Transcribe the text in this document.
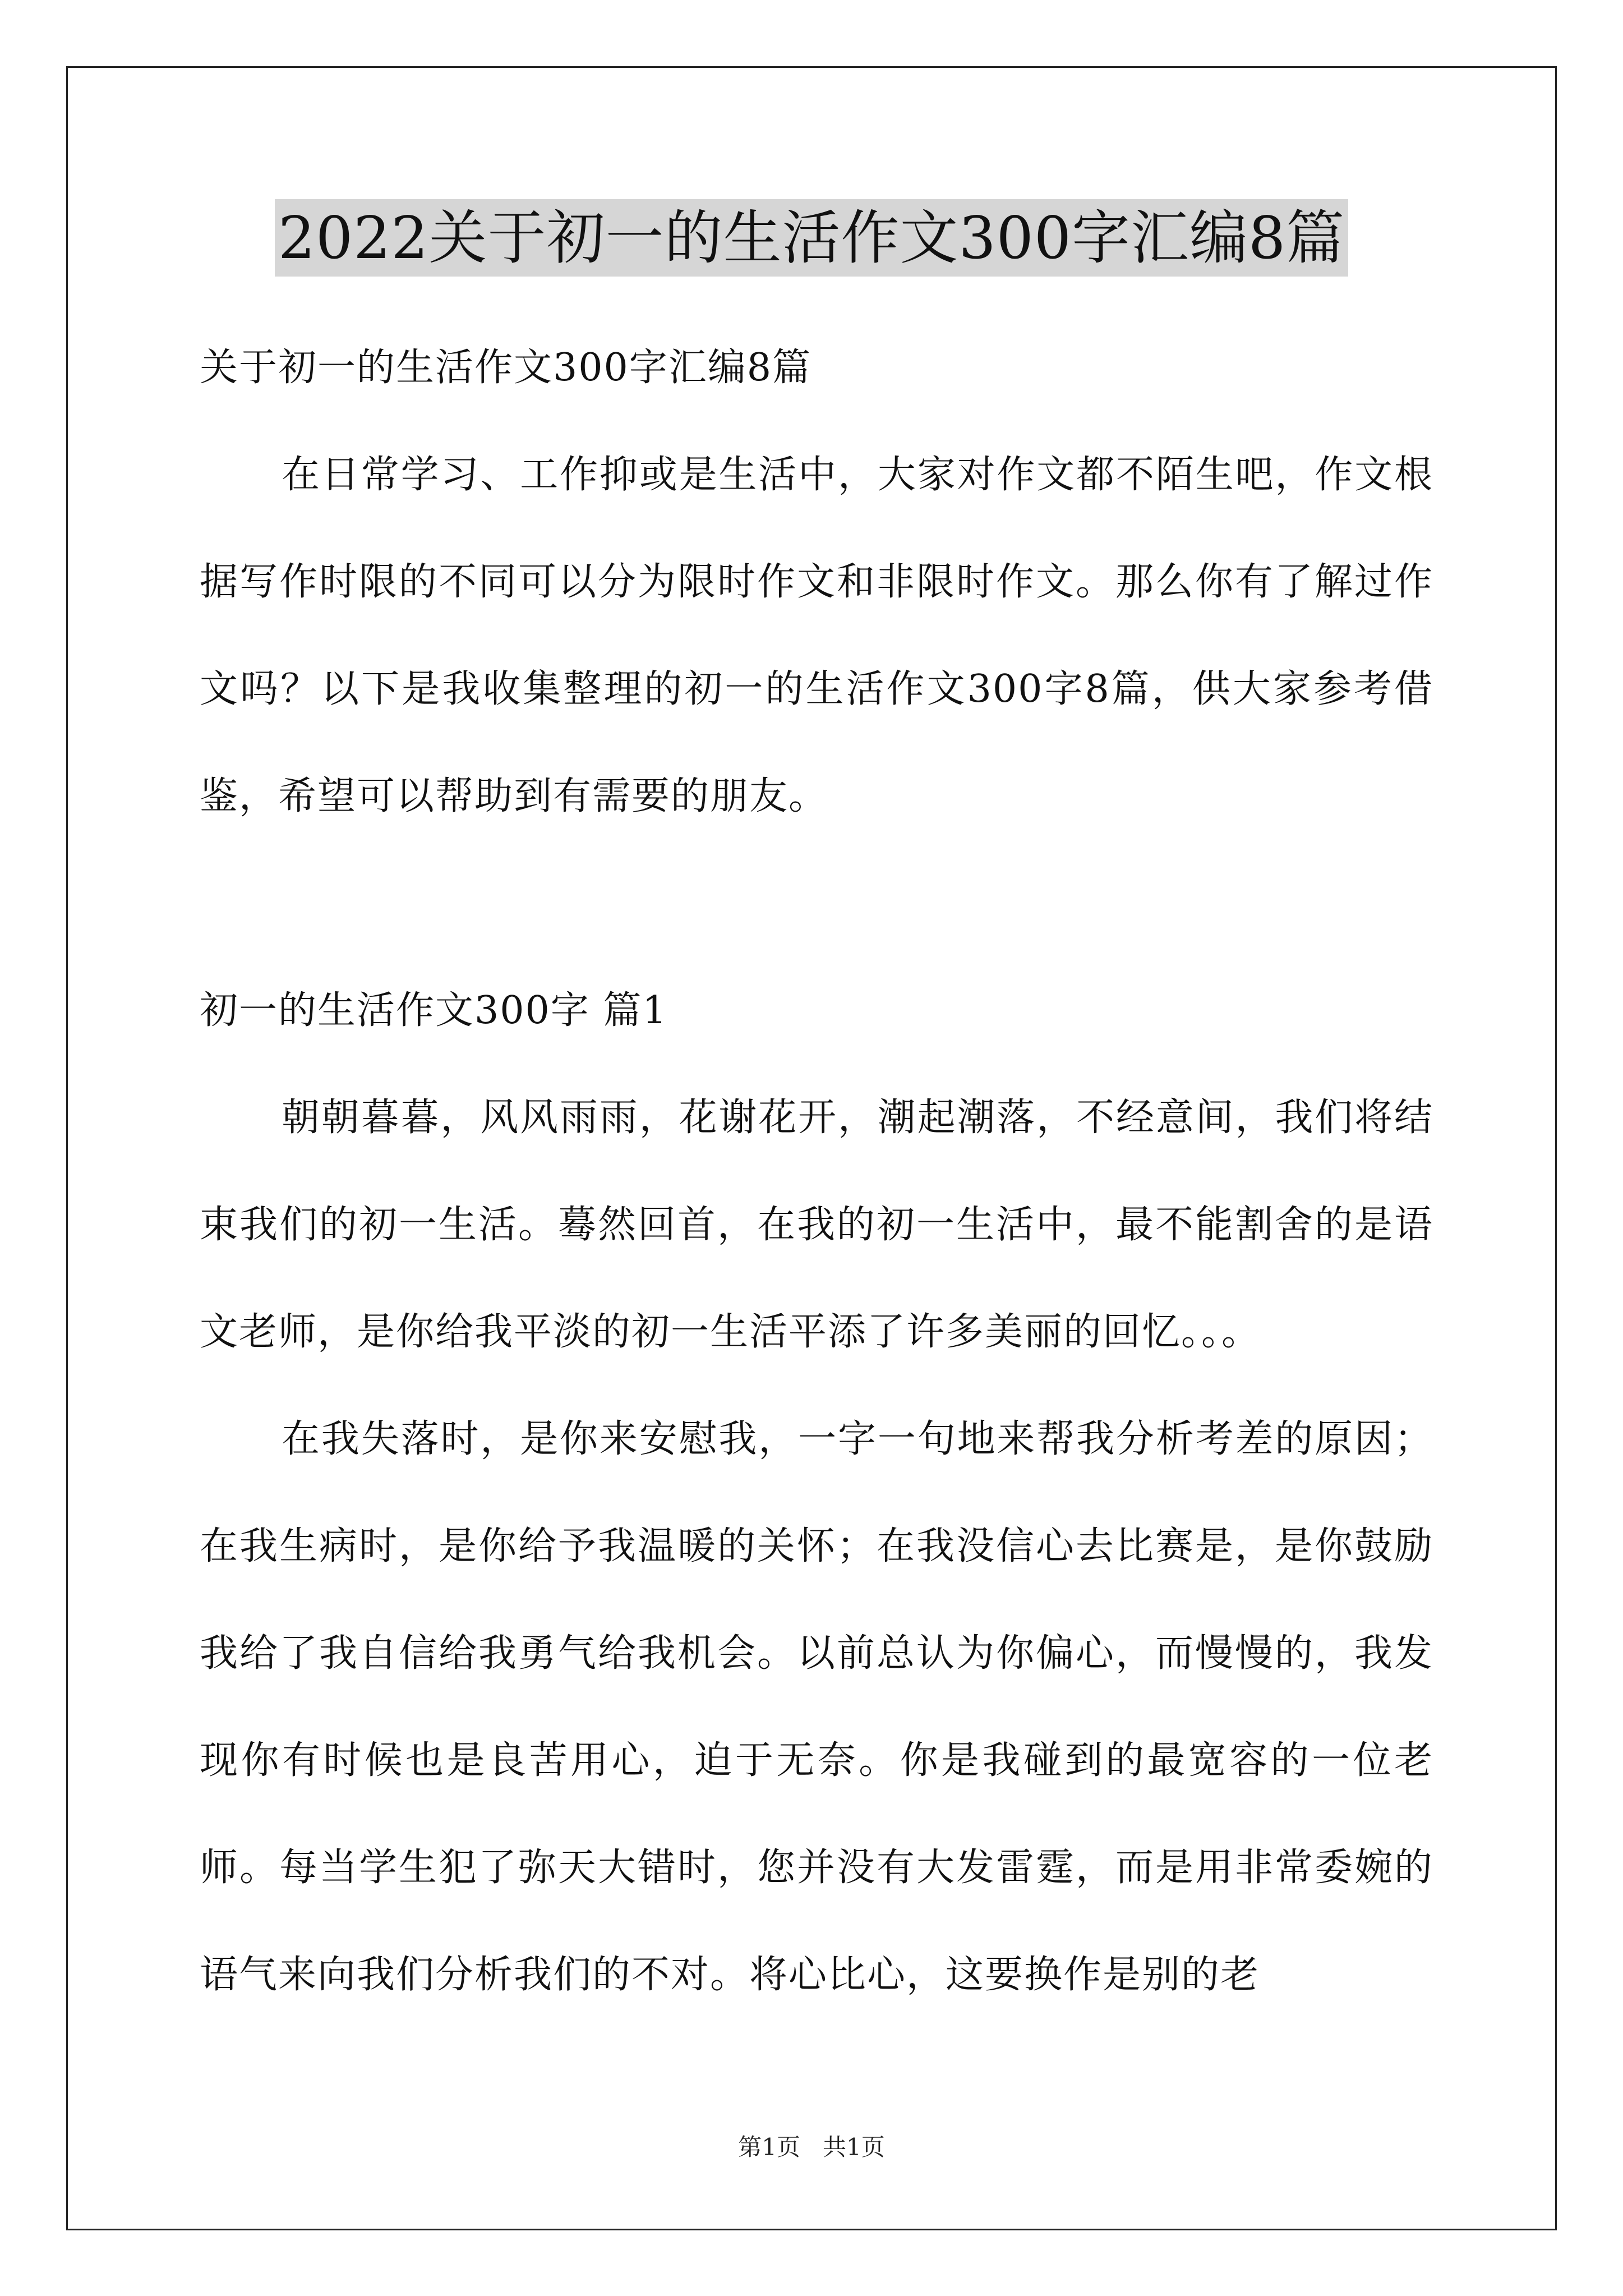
2022关于初一的生活作文300字汇编8篇

关于初一的生活作文300字汇编8篇

在日常学习、工作抑或是生活中，大家对作文都不陌生吧，作文根据写作时限的不同可以分为限时作文和非限时作文。那么你有了解过作文吗？以下是我收集整理的初一的生活作文300字8篇，供大家参考借鉴，希望可以帮助到有需要的朋友。

初一的生活作文300字 篇1

朝朝暮暮，风风雨雨，花谢花开，潮起潮落，不经意间，我们将结束我们的初一生活。蓦然回首，在我的初一生活中，最不能割舍的是语文老师，是你给我平淡的初一生活平添了许多美丽的回忆。。。

在我失落时，是你来安慰我，一字一句地来帮我分析考差的原因；在我生病时，是你给予我温暖的关怀；在我没信心去比赛是，是你鼓励我给了我自信给我勇气给我机会。以前总认为你偏心，而慢慢的，我发现你有时候也是良苦用心，迫于无奈。你是我碰到的最宽容的一位老师。每当学生犯了弥天大错时，您并没有大发雷霆，而是用非常委婉的语气来向我们分析我们的不对。将心比心，这要换作是别的老

第1页   共1页
